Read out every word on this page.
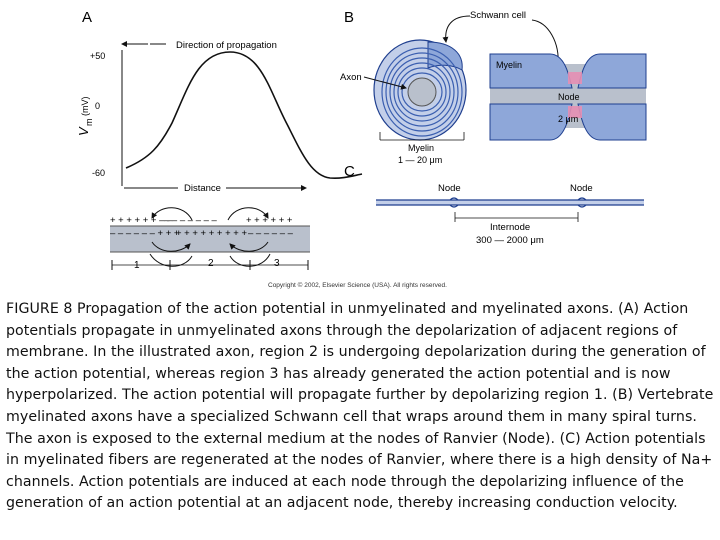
A
Direction of propagation
+50
0
-60
V
m
(mV)
Distance
+ + + + + + – –
– – – – – – –	+ + + + + +
– – – – – – + + +
+ + + + + + + + + – – – – – –
1	2	3
B	Schwann cell
Axon
Myelin
1 — 20 μm
Myelin
Node
2 μm
C
Node	Node
Internode
300 — 2000 μm
Copyright © 2002, Elsevier Science (USA). All rights reserved.
FIGURE 8 Propagation of the action potential in unmyelinated and myelinated axons. (A) Action potentials propagate in unmyelinated axons through the depolarization of adjacent regions of membrane. In the illustrated axon, region 2 is undergoing depolarization during the generation of the action potential, whereas region 3 has already generated the action potential and is now hyperpolarized. The action potential will propagate further by depolarizing region 1. (B) Vertebrate myelinated axons have a specialized Schwann cell that wraps around them in many spiral turns. The axon is exposed to the external medium at the nodes of Ranvier (Node). (C) Action potentials in myelinated fibers are regenerated at the nodes of Ranvier, where there is a high density of Na+ channels. Action potentials are induced at each node through the depolarizing influence of the generation of an action potential at an adjacent node, thereby increasing conduction velocity.
